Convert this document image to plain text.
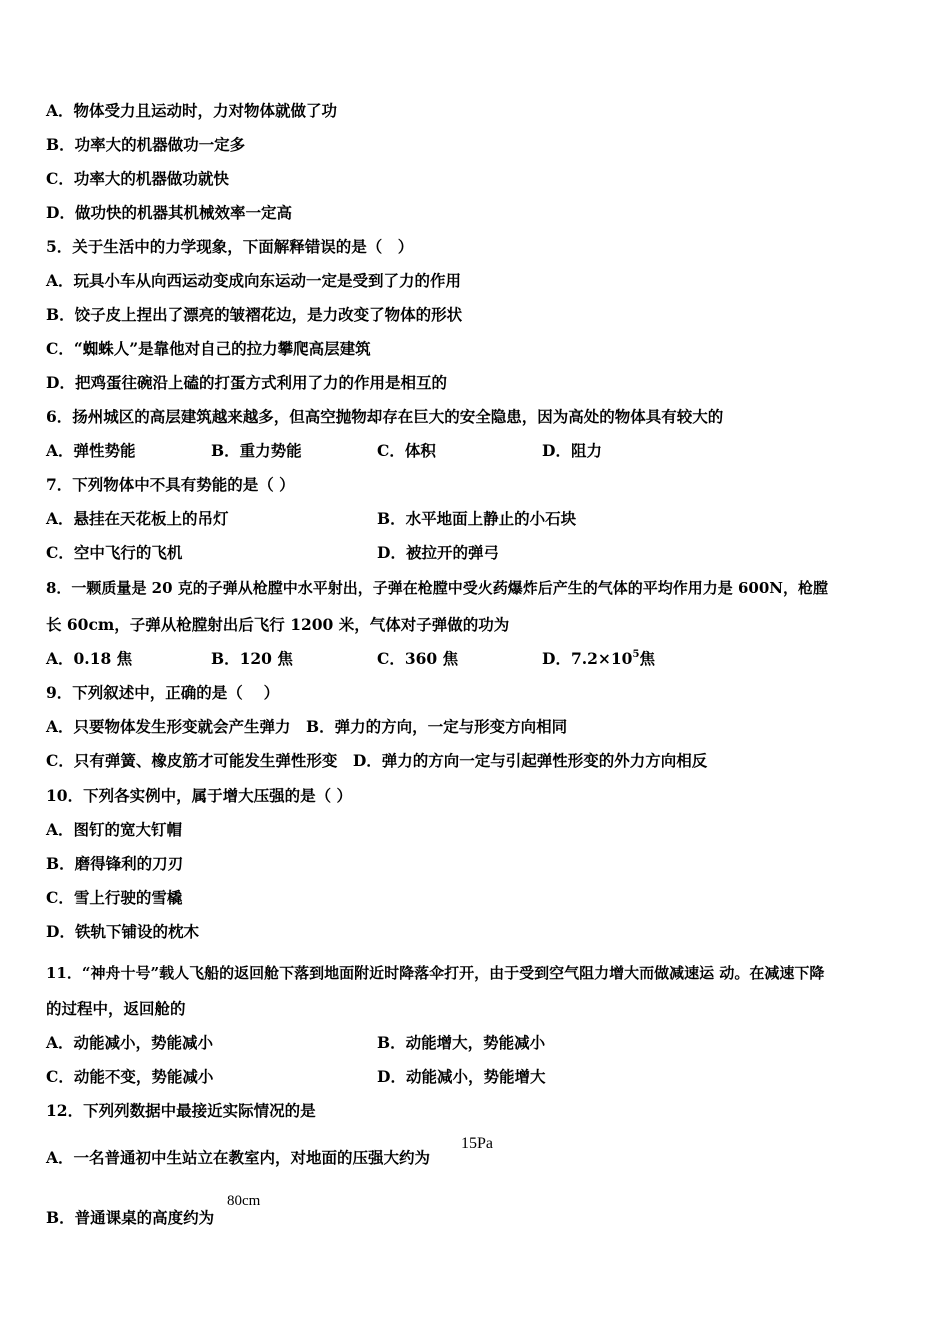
A．物体受力且运动时，力对物体就做了功
B．功率大的机器做功一定多
C．功率大的机器做功就快
D．做功快的机器其机械效率一定高
5．关于生活中的力学现象，下面解释错误的是（　）
A．玩具小车从向西运动变成向东运动一定是受到了力的作用
B．饺子皮上捏出了漂亮的皱褶花边，是力改变了物体的形状
C．“蜘蛛人”是靠他对自己的拉力攀爬高层建筑
D．把鸡蛋往碗沿上磕的打蛋方式利用了力的作用是相互的
6．扬州城区的高层建筑越来越多，但高空抛物却存在巨大的安全隐患，因为高处的物体具有较大的
A．弹性势能	B．重力势能	C．体积	D．阻力
7．下列物体中不具有势能的是（ ）
A．悬挂在天花板上的吊灯	B．水平地面上静止的小石块
C．空中飞行的飞机	D．被拉开的弹弓
8．一颗质量是 20 克的子弹从枪膛中水平射出，子弹在枪膛中受火药爆炸后产生的气体的平均作用力是 600N，枪膛
长 60cm，子弹从枪膛射出后飞行 1200 米，气体对子弹做的功为
A．0.18 焦	B．120 焦	C．360 焦	D．$7.2\times 10^5$焦
9．下列叙述中，正确的是（　 ）
A．只要物体发生形变就会产生弹力　B．弹力的方向，一定与形变方向相同
C．只有弹簧、橡皮筋才可能发生弹性形变　D．弹力的方向一定与引起弹性形变的外力方向相反
10．下列各实例中，属于增大压强的是（ ）
A．图钉的宽大钉帽
B．磨得锋利的刀刃
C．雪上行驶的雪橇
D．铁轨下铺设的枕木
11．“神舟十号”载人飞船的返回舱下落到地面附近时降落伞打开，由于受到空气阻力增大而做减速运 动。在减速下降
的过程中，返回舱的
A．动能减小，势能减小	B．动能增大，势能减小
C．动能不变，势能减小	D．动能减小，势能增大
12．下列列数据中最接近实际情况的是
A．一名普通初中生站立在教室内，对地面的压强大约为
15Pa
B．普通课桌的高度约为
80cm
